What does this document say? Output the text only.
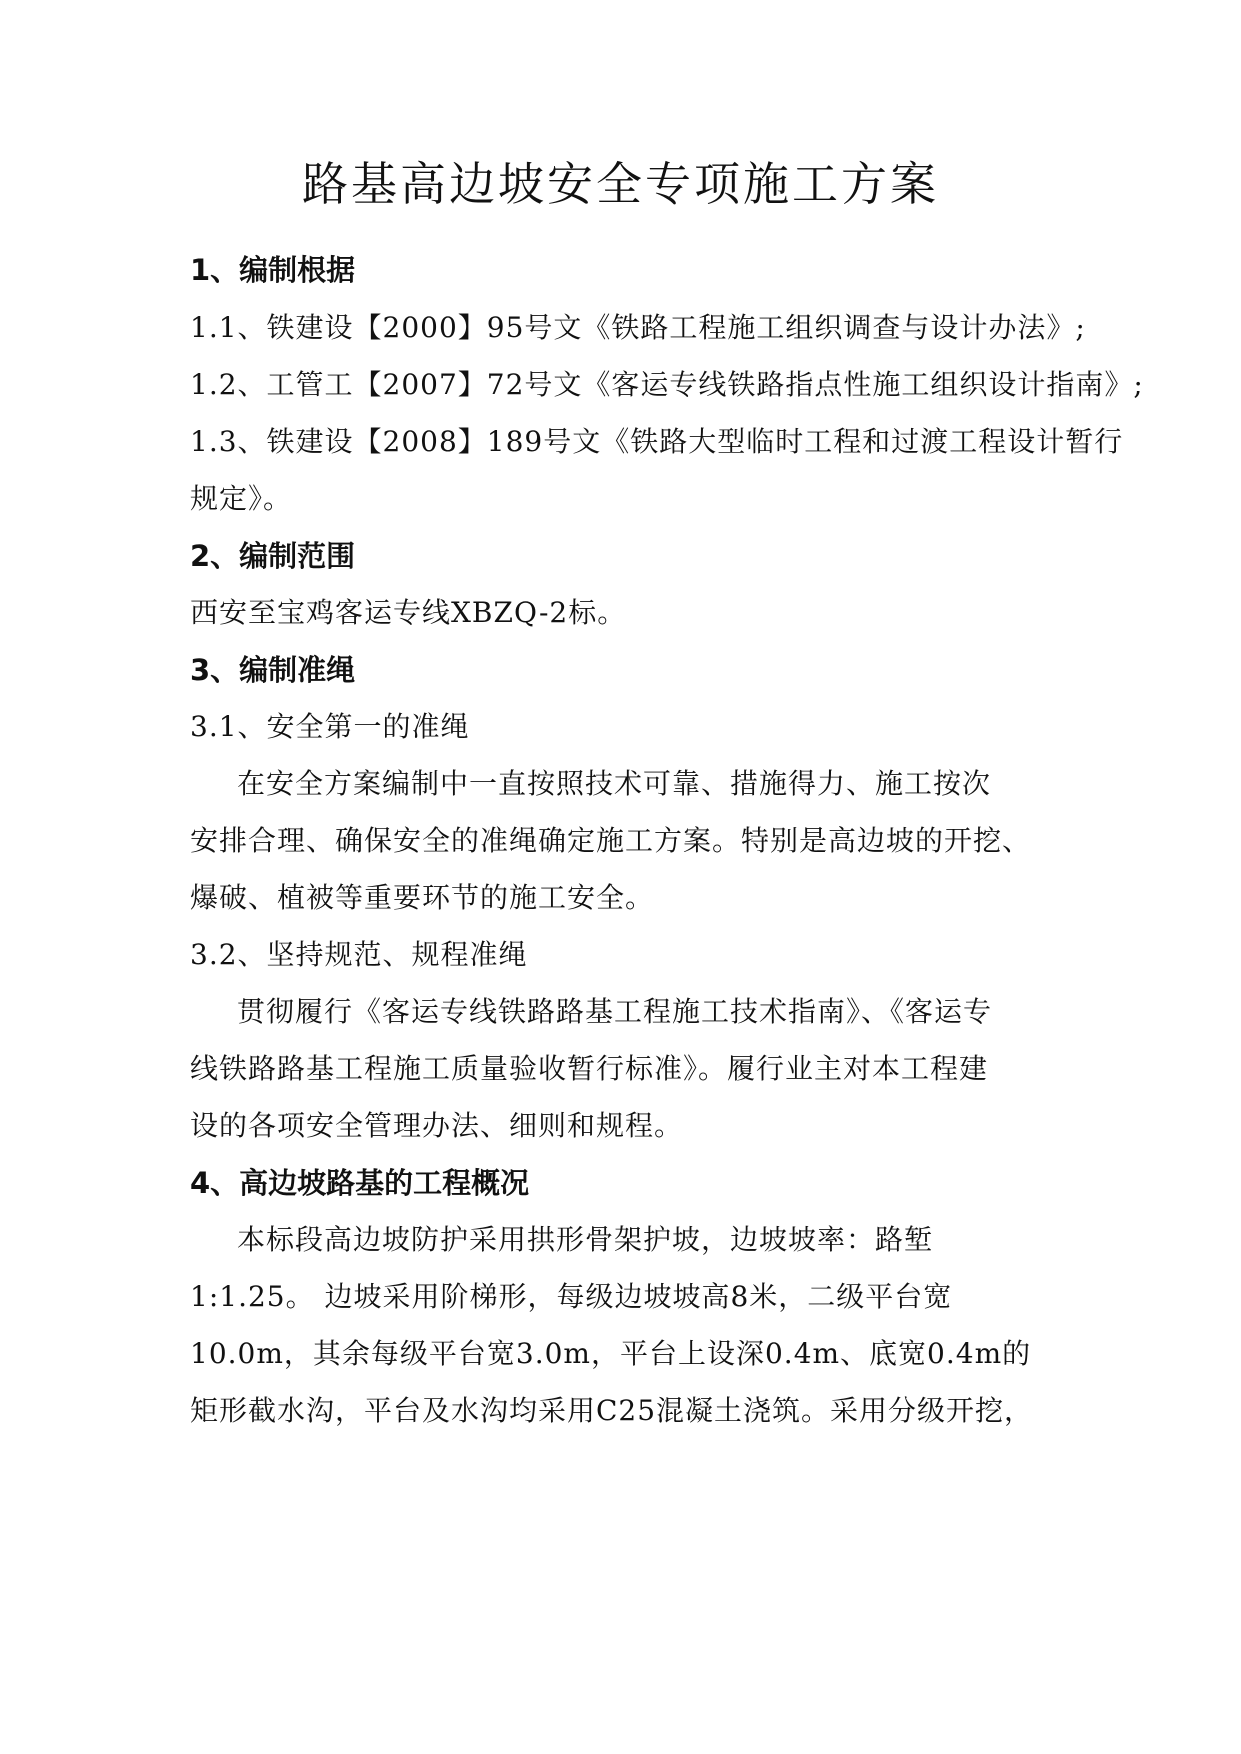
路基高边坡安全专项施工方案
1、编制根据
1.1、铁建设【2000】95号文《铁路工程施工组织调查与设计办法》;
1.2、工管工【2007】72号文《客运专线铁路指点性施工组织设计指南》;
1.3、铁建设【2008】189号文《铁路大型临时工程和过渡工程设计暂行
规定》。
2、编制范围
西安至宝鸡客运专线XBZQ-2标。
3、编制准绳
3.1、安全第一的准绳
在安全方案编制中一直按照技术可靠、措施得力、施工按次
安排合理、确保安全的准绳确定施工方案。特别是高边坡的开挖、
爆破、植被等重要环节的施工安全。
3.2、坚持规范、规程准绳
贯彻履行《客运专线铁路路基工程施工技术指南》、《客运专
线铁路路基工程施工质量验收暂行标准》。履行业主对本工程建
设的各项安全管理办法、细则和规程。
4、高边坡路基的工程概况
本标段高边坡防护采用拱形骨架护坡，边坡坡率：路堑
1:1.25。 边坡采用阶梯形，每级边坡坡高8米，二级平台宽
10.0m，其余每级平台宽3.0m，平台上设深0.4m、底宽0.4m的
矩形截水沟，平台及水沟均采用C25混凝土浇筑。采用分级开挖，
